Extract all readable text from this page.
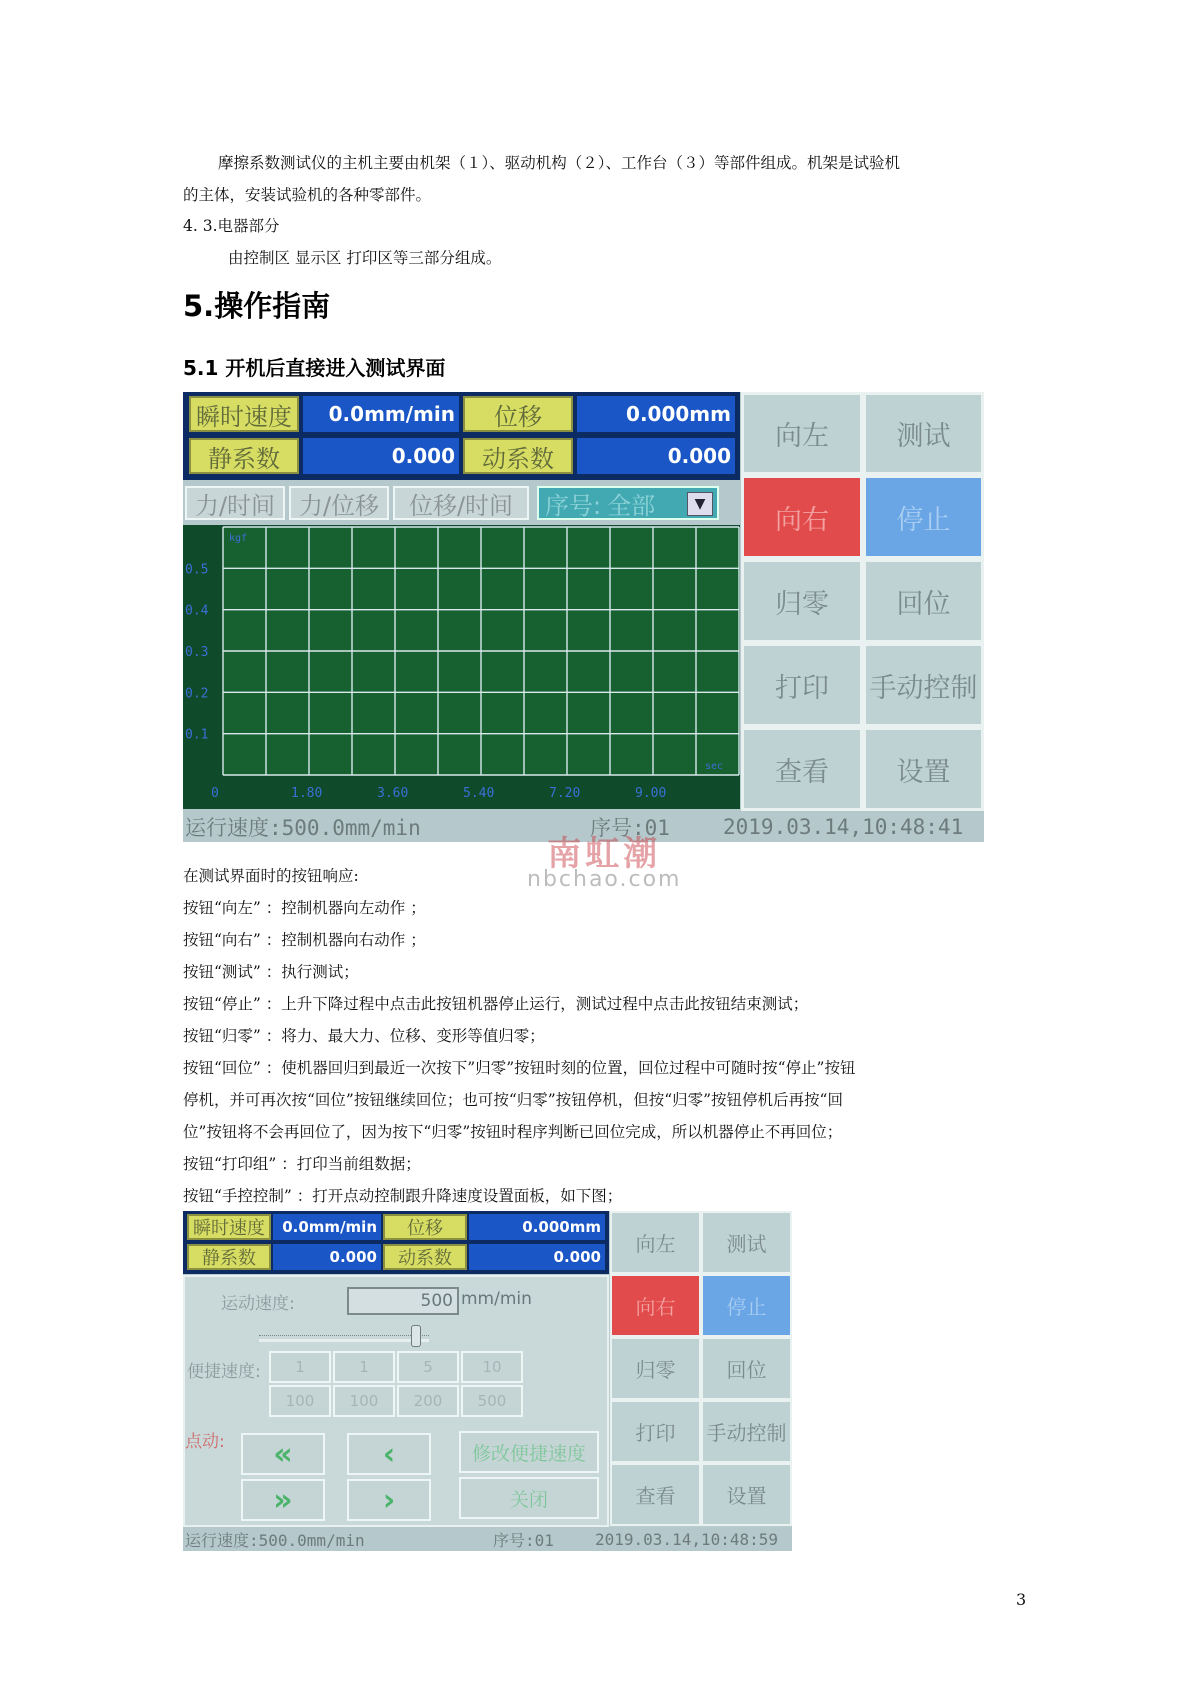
摩擦系数测试仪的主机主要由机架（１）、驱动机构（２）、工作台（３）等部件组成。机架是试验机
的主体，安装试验机的各种零部件。
4. 3.电器部分
由控制区 显示区 打印区等三部分组成。
5.操作指南
5.1 开机后直接进入测试界面
瞬时速度	0.0mm/min	位移	0.000mm
静系数	0.000	动系数	0.000
力/时间 力/位移	位移/时间	序号: 全部	▼
0.5
0.4
0.3
0.2
0.1
0	1.80	3.60	5.40	7.20	9.00
kgf
sec
向左	测试
向右	停止
归零	回位
打印	手动控制
查看	设置
运行速度:500.0mm/min	序号:01	2019.03.14,10:48:41
南虹潮
nbchao.com
在测试界面时的按钮响应:
按钮“向左” ：控制机器向左动作 ；
按钮“向右” ：控制机器向右动作 ；
按钮“测试” ：执行测试；
按钮“停止” ：上升下降过程中点击此按钮机器停止运行，测试过程中点击此按钮结束测试；
按钮“归零” ：将力、最大力、位移、变形等值归零；
按钮“回位” ：使机器回归到最近一次按下”归零”按钮时刻的位置，回位过程中可随时按“停止”按钮
停机，并可再次按“回位”按钮继续回位；也可按“归零”按钮停机，但按“归零”按钮停机后再按“回
位”按钮将不会再回位了，因为按下“归零”按钮时程序判断已回位完成，所以机器停止不再回位；
按钮“打印组” ：打印当前组数据；
按钮“手控控制” ：打开点动控制跟升降速度设置面板，如下图；
瞬时速度	0.0mm/min	位移	0.000mm
静系数	0.000	动系数	0.000
运动速度:	500 mm/min
便捷速度:	1	1	5	10
100	100	200	500
点动:	«	‹
»	›
修改便捷速度
关闭
向左	测试
向右	停止
归零	回位
打印	手动控制
查看	设置
运行速度:500.0mm/min	序号:01	2019.03.14,10:48:59
3
